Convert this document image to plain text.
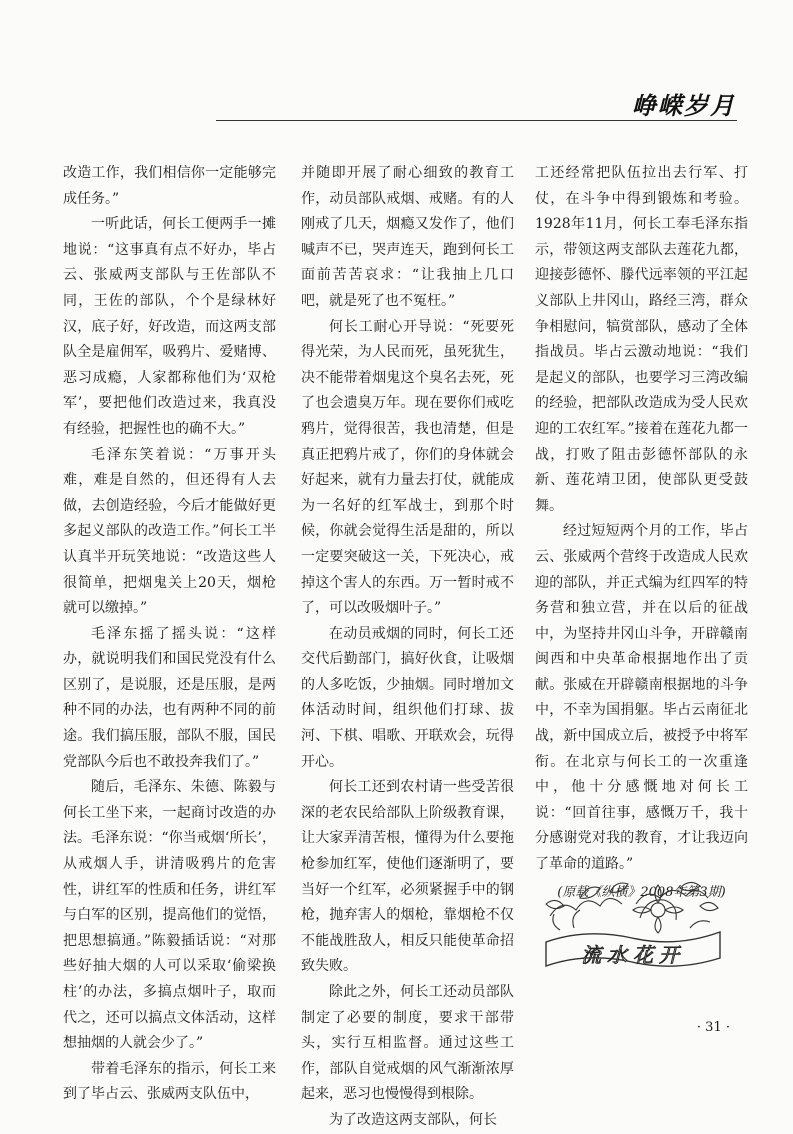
峥嵘岁月

改造工作，我们相信你一定能够完成任务。”

一听此话，何长工便两手一摊地说：“这事真有点不好办，毕占云、张威两支部队与王佐部队不同，王佐的部队，个个是绿林好汉，底子好，好改造，而这两支部队全是雇佣军，吸鸦片、爱赌博、恶习成瘾，人家都称他们为‘双枪军’，要把他们改造过来，我真没有经验，把握性也的确不大。”

毛泽东笑着说：“万事开头难，难是自然的，但还得有人去做，去创造经验，今后才能做好更多起义部队的改造工作。”何长工半认真半开玩笑地说：“改造这些人很简单，把烟鬼关上20天，烟枪就可以缴掉。”

毛泽东摇了摇头说：“这样办，就说明我们和国民党没有什么区别了，是说服，还是压服，是两种不同的办法，也有两种不同的前途。我们搞压服，部队不服，国民党部队今后也不敢投奔我们了。”

随后，毛泽东、朱德、陈毅与何长工坐下来，一起商讨改造的办法。毛泽东说：“你当戒烟‘所长’，从戒烟人手，讲清吸鸦片的危害性，讲红军的性质和任务，讲红军与白军的区别，提高他们的觉悟，把思想搞通。”陈毅插话说：“对那些好抽大烟的人可以采取‘偷梁换柱’的办法，多搞点烟叶子，取而代之，还可以搞点文体活动，这样想抽烟的人就会少了。”

带着毛泽东的指示，何长工来到了毕占云、张威两支队伍中，

并随即开展了耐心细致的教育工作，动员部队戒烟、戒赌。有的人刚戒了几天，烟瘾又发作了，他们喊声不已，哭声连天，跑到何长工面前苦苦哀求：“让我抽上几口吧，就是死了也不冤枉。”

何长工耐心开导说：“死要死得光荣，为人民而死，虽死犹生，决不能带着烟鬼这个臭名去死，死了也会遗臭万年。现在要你们戒吃鸦片，觉得很苦，我也清楚，但是真正把鸦片戒了，你们的身体就会好起来，就有力量去打仗，就能成为一名好的红军战士，到那个时候，你就会觉得生活是甜的，所以一定要突破这一关，下死决心，戒掉这个害人的东西。万一暂时戒不了，可以改吸烟叶子。”

在动员戒烟的同时，何长工还交代后勤部门，搞好伙食，让吸烟的人多吃饭，少抽烟。同时增加文体活动时间，组织他们打球、拔河、下棋、唱歌、开联欢会，玩得开心。

何长工还到农村请一些受苦很深的老农民给部队上阶级教育课，让大家弄清苦根，懂得为什么要拖枪参加红军，使他们逐渐明了，要当好一个红军，必须紧握手中的钢枪，抛弃害人的烟枪，靠烟枪不仅不能战胜敌人，相反只能使革命招致失败。

除此之外，何长工还动员部队制定了必要的制度，要求干部带头，实行互相监督。通过这些工作，部队自觉戒烟的风气渐渐浓厚起来，恶习也慢慢得到根除。

为了改造这两支部队，何长

工还经常把队伍拉出去行军、打仗，在斗争中得到锻炼和考验。1928年11月，何长工奉毛泽东指示，带领这两支部队去莲花九都，迎接彭德怀、滕代远率领的平江起义部队上井冈山，路经三湾，群众争相慰问，犒赏部队，感动了全体指战员。毕占云激动地说：“我们是起义的部队，也要学习三湾改编的经验，把部队改造成为受人民欢迎的工农红军。”接着在莲花九都一战，打败了阻击彭德怀部队的永新、莲花靖卫团，使部队更受鼓舞。

经过短短两个月的工作，毕占云、张威两个营终于改造成人民欢迎的部队，并正式编为红四军的特务营和独立营，并在以后的征战中，为坚持井冈山斗争，开辟赣南闽西和中央革命根据地作出了贡献。张威在开辟赣南根据地的斗争中，不幸为国捐躯。毕占云南征北战，新中国成立后，被授予中将军衔。在北京与何长工的一次重逢中，他十分感慨地对何长工说：“回首往事，感慨万千，我十分感谢党对我的教育，才让我迈向了革命的道路。”

(原载《纵横》2008年第3期)
流水花开
· 31 ·
